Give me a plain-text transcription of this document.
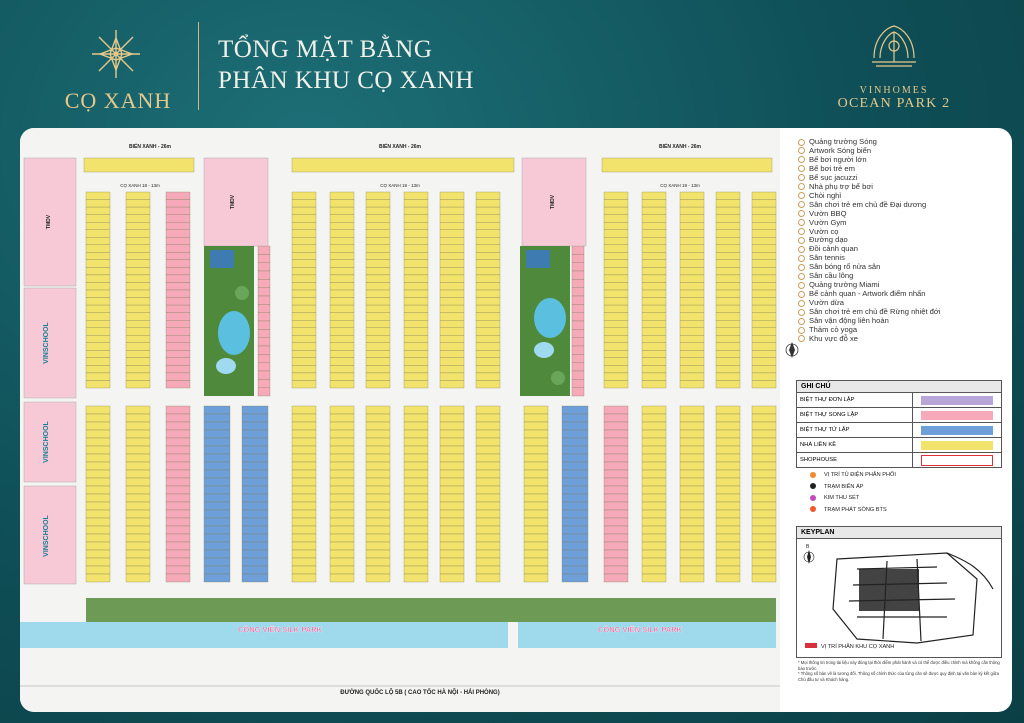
CỌ XANH
TỔNG MẶT BẰNG
PHÂN KHU CỌ XANH	VINHOMES
OCEAN PARK 2
TMDV
VINSCHOOL
VINSCHOOL
VINSCHOOL
TMDV	TMDV
CÔNG VIÊN SILK PARK	CÔNG VIÊN SILK PARK
ĐƯỜNG QUỐC LỘ 5B ( CAO TỐC HÀ NỘI - HẢI PHÒNG)
BIỂN XANH - 26m	BIỂN XANH - 26m	BIỂN XANH - 26m
CỌ XANH 18 - 13m	CỌ XANH 19 - 13m	CỌ XANH 19 - 13m
Quảng trường Sóng
Artwork Sóng biển
Bể bơi người lớn
Bể bơi trẻ em
Bể sục jacuzzi
Nhà phụ trợ bể bơi
Chòi nghỉ
Sân chơi trẻ em chủ đề Đại dương
Vườn BBQ
Vườn Gym
Vườn cọ
Đường dạo
Đồi cảnh quan
Sân tennis
Sân bóng rổ nửa sân
Sân cầu lông
Quảng trường Miami
Bể cảnh quan - Artwork điểm nhấn
Vườn dừa
Sân chơi trẻ em chủ đề Rừng nhiệt đới
Sân vận động liên hoàn
Thảm cỏ yoga
Khu vực đỗ xe
GHI CHÚ
BIỆT THỰ ĐƠN LẬP
BIỆT THỰ SONG LẬP
BIỆT THỰ TỨ LẬP
NHÀ LIỀN KỀ
SHOPHOUSE
VỊ TRÍ TỦ ĐIỆN PHÂN PHỐI
TRẠM BIẾN ÁP
KIM THU SÉT
TRẠM PHÁT SÓNG BTS
KEYPLAN
VỊ TRÍ PHÂN KHU CỌ XANH
B
* Mọi thông tin trong tài liệu này đúng tại thời điểm phát hành và có thể được điều chỉnh mà không cần thông báo trước.
* Thông số bản vẽ là tương đối. Thông số chính thức của từng căn sẽ được quy định tại văn bản ký kết giữa Chủ đầu tư và Khách hàng.
